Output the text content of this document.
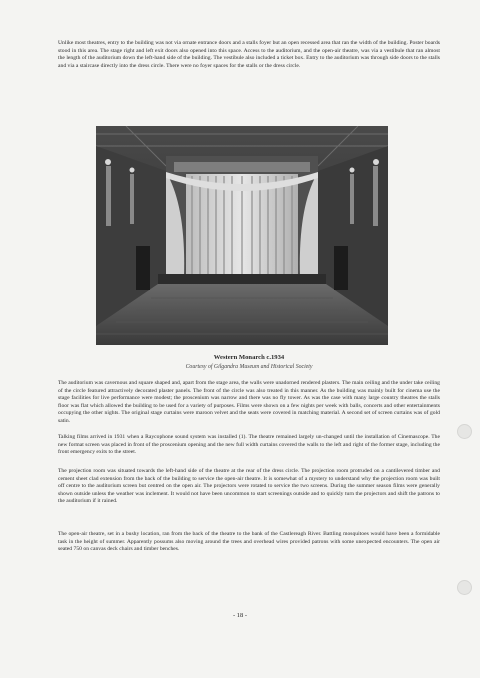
Unlike most theatres, entry to the building was not via ornate entrance doors and a stalls foyer but an open recessed area that ran the width of the building. Poster boards stood in this area. The stage right and left exit doors also opened into this space. Access to the auditorium, and the open-air theatre, was via a vestibule that ran almost the length of the auditorium down the left-hand side of the building. The vestibule also included a ticket box. Entry to the auditorium was through side doors to the stalls and via a staircase directly into the dress circle. There were no foyer spaces for the stalls or the dress circle.

Western Monarch c.1934

Courtesy of Gilgandra Museum and Historical Society

The auditorium was cavernous and square shaped and, apart from the stage area, the walls were unadorned rendered plasters. The main ceiling and the under take ceiling of the circle featured attractively decorated plaster panels. The front of the circle was also treated in this manner. As the building was mainly built for cinema use the stage facilities for live performance were modest; the proscenium was narrow and there was no fly tower. As was the case with many large country theatres the stalls floor was flat which allowed the building to be used for a variety of purposes. Films were shown on a few nights per week with balls, concerts and other entertainments occupying the other nights. The original stage curtains were maroon velvet and the seats were covered in matching material. A second set of screen curtains was of gold satin.

Talking films arrived in 1931 when a Raycophone sound system was installed (1). The theatre remained largely un-changed until the installation of Cinemascope. The new format screen was placed in front of the proscenium opening and the new full width curtains covered the walls to the left and right of the former stage, including the front emergency exits to the street.

The projection room was situated towards the left-hand side of the theatre at the rear of the dress circle. The projection room protruded on a cantilevered timber and cement sheet clad extension from the back of the building to service the open-air theatre. It is somewhat of a mystery to understand why the projection room was built off centre to the auditorium screen but centred on the open air. The projectors were rotated to service the two screens. During the summer season films were generally shown outside unless the weather was inclement. It would not have been uncommon to start screenings outside and to quickly turn the projectors and shift the patrons to the auditorium if it rained.

The open-air theatre, set in a bushy location, ran from the back of the theatre to the bank of the Castlereagh River. Battling mosquitoes would have been a formidable task in the height of summer. Apparently possums also moving around the trees and overhead wires provided patrons with some unexpected encounters. The open air seated 750 on canvas deck chairs and timber benches.

- 18 -
